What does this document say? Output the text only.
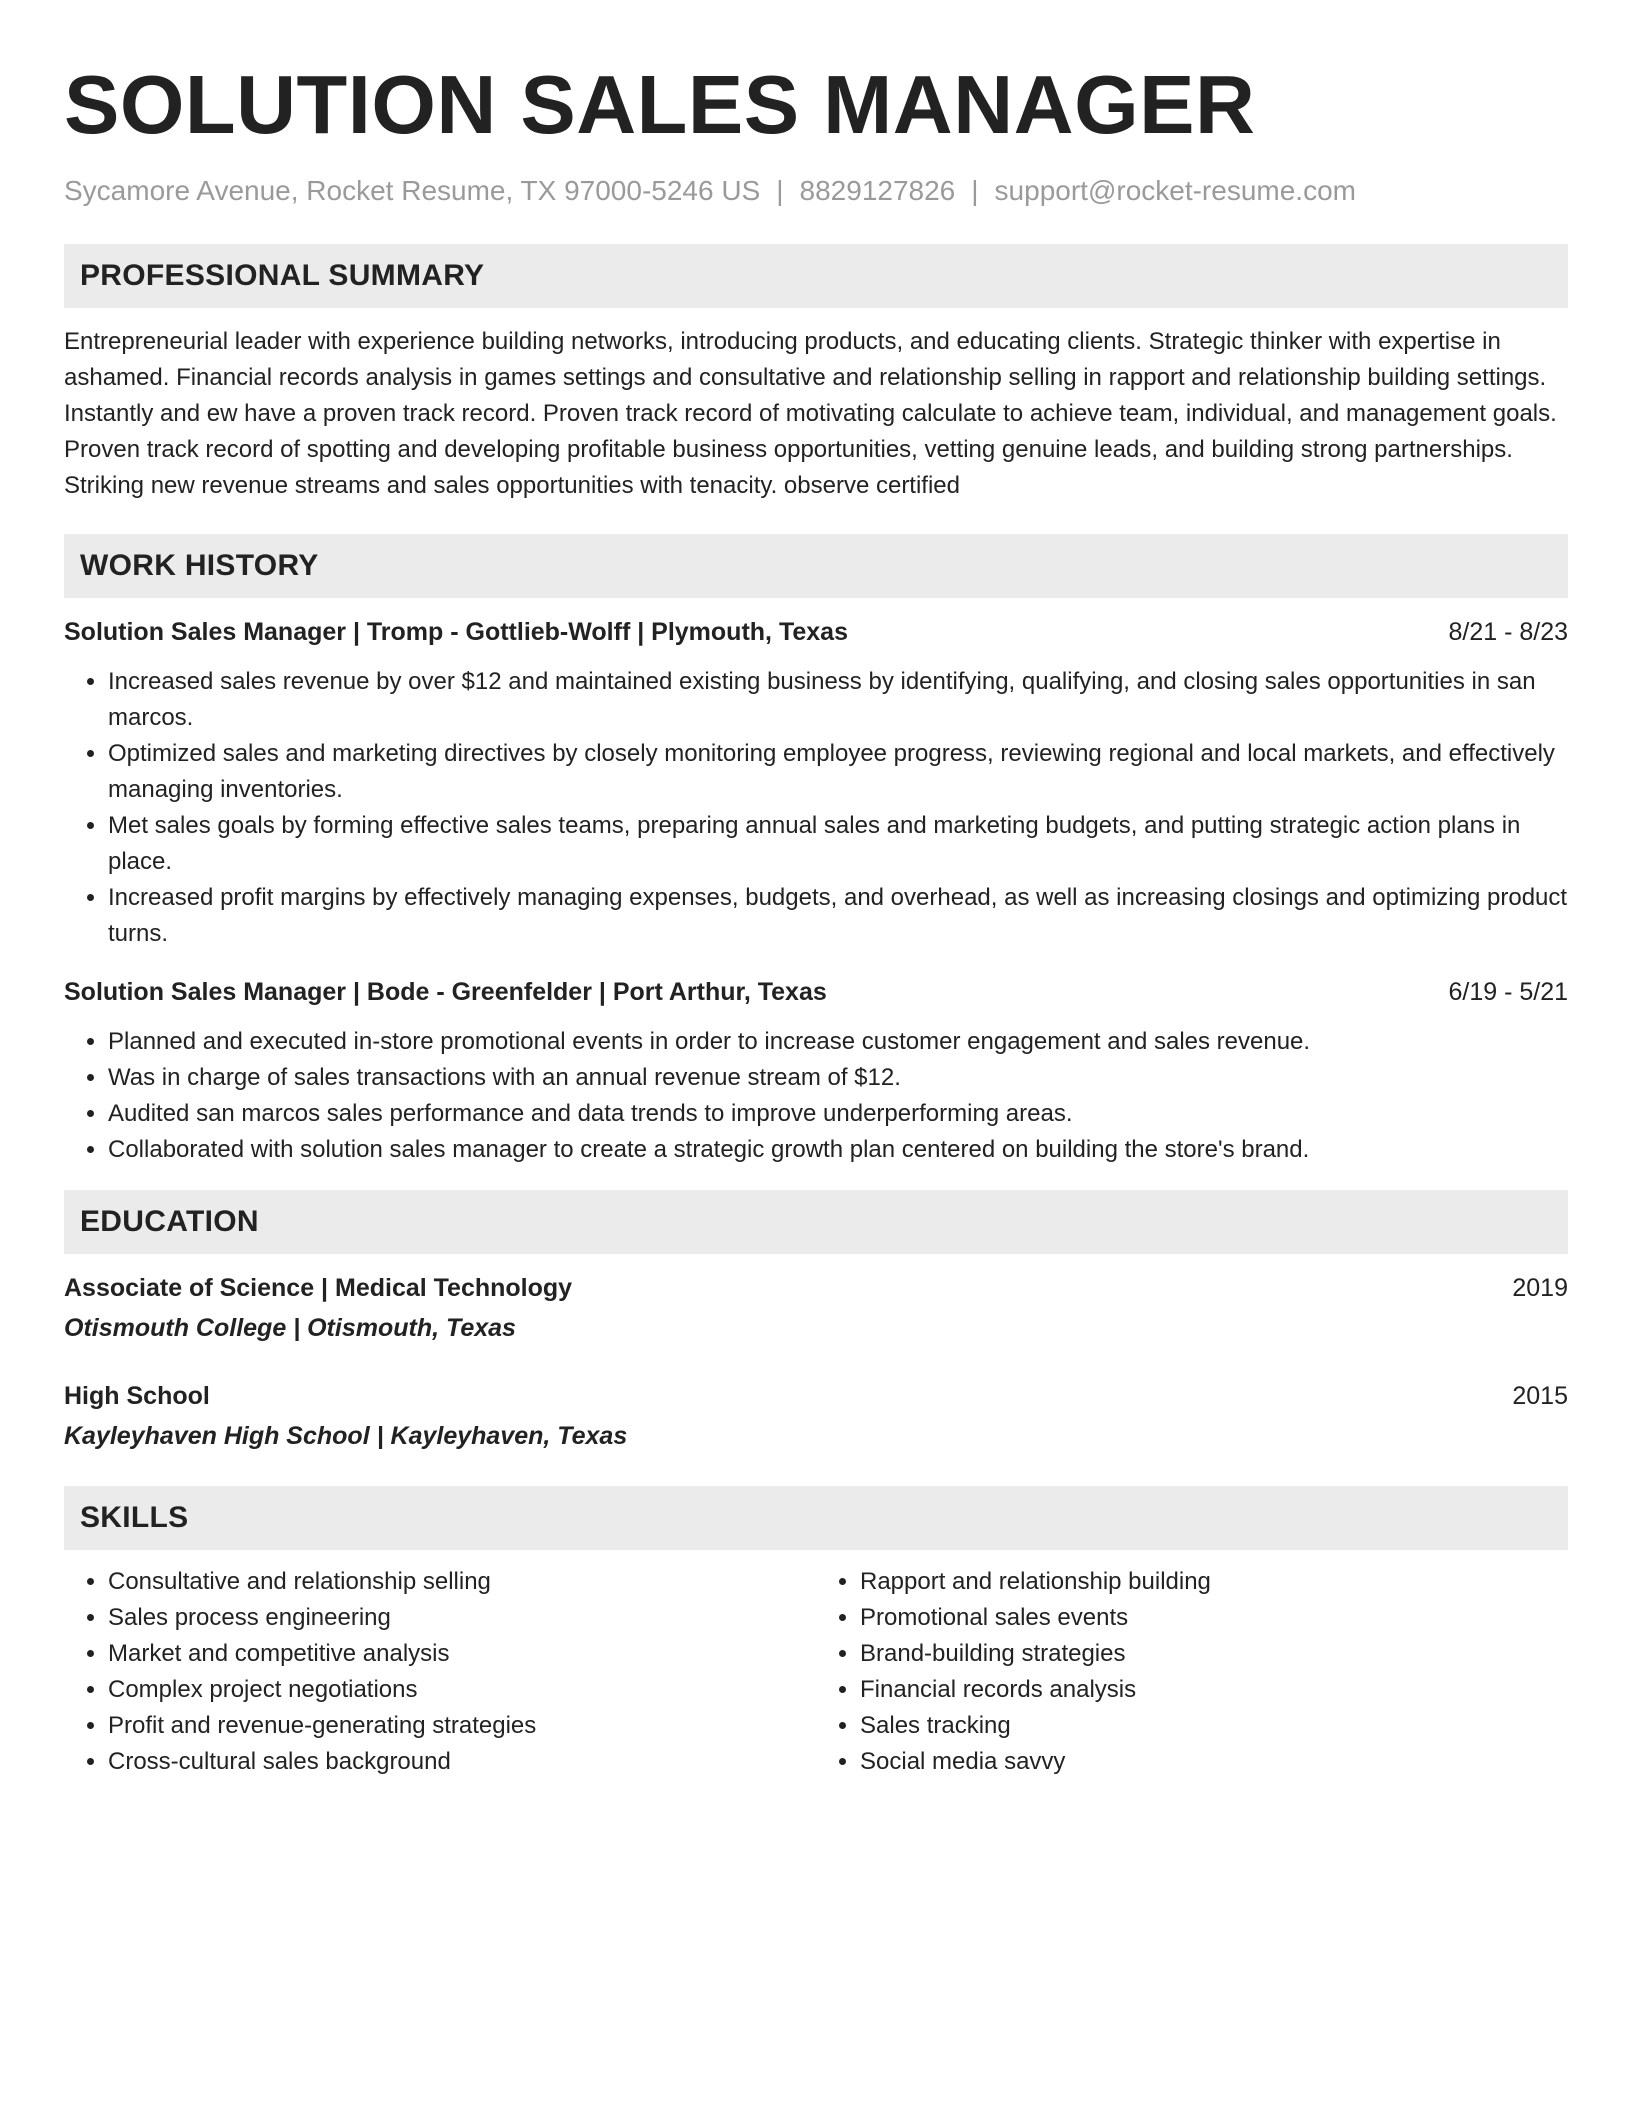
SOLUTION SALES MANAGER
Sycamore Avenue, Rocket Resume, TX 97000-5246 US | 8829127826 | support@rocket-resume.com
PROFESSIONAL SUMMARY
Entrepreneurial leader with experience building networks, introducing products, and educating clients. Strategic thinker with expertise in ashamed. Financial records analysis in games settings and consultative and relationship selling in rapport and relationship building settings. Instantly and ew have a proven track record. Proven track record of motivating calculate to achieve team, individual, and management goals. Proven track record of spotting and developing profitable business opportunities, vetting genuine leads, and building strong partnerships. Striking new revenue streams and sales opportunities with tenacity. observe certified
WORK HISTORY
Solution Sales Manager | Tromp - Gottlieb-Wolff | Plymouth, Texas	8/21 - 8/23
• Increased sales revenue by over $12 and maintained existing business by identifying, qualifying, and closing sales opportunities in san marcos.
• Optimized sales and marketing directives by closely monitoring employee progress, reviewing regional and local markets, and effectively managing inventories.
• Met sales goals by forming effective sales teams, preparing annual sales and marketing budgets, and putting strategic action plans in place.
• Increased profit margins by effectively managing expenses, budgets, and overhead, as well as increasing closings and optimizing product turns.
Solution Sales Manager | Bode - Greenfelder | Port Arthur, Texas	6/19 - 5/21
• Planned and executed in-store promotional events in order to increase customer engagement and sales revenue.
• Was in charge of sales transactions with an annual revenue stream of $12.
• Audited san marcos sales performance and data trends to improve underperforming areas.
• Collaborated with solution sales manager to create a strategic growth plan centered on building the store's brand.
EDUCATION
Associate of Science | Medical Technology	2019
Otismouth College | Otismouth, Texas
High School	2015
Kayleyhaven High School | Kayleyhaven, Texas
SKILLS
• Consultative and relationship selling
• Sales process engineering
• Market and competitive analysis
• Complex project negotiations
• Profit and revenue-generating strategies
• Cross-cultural sales background
• Rapport and relationship building
• Promotional sales events
• Brand-building strategies
• Financial records analysis
• Sales tracking
• Social media savvy
